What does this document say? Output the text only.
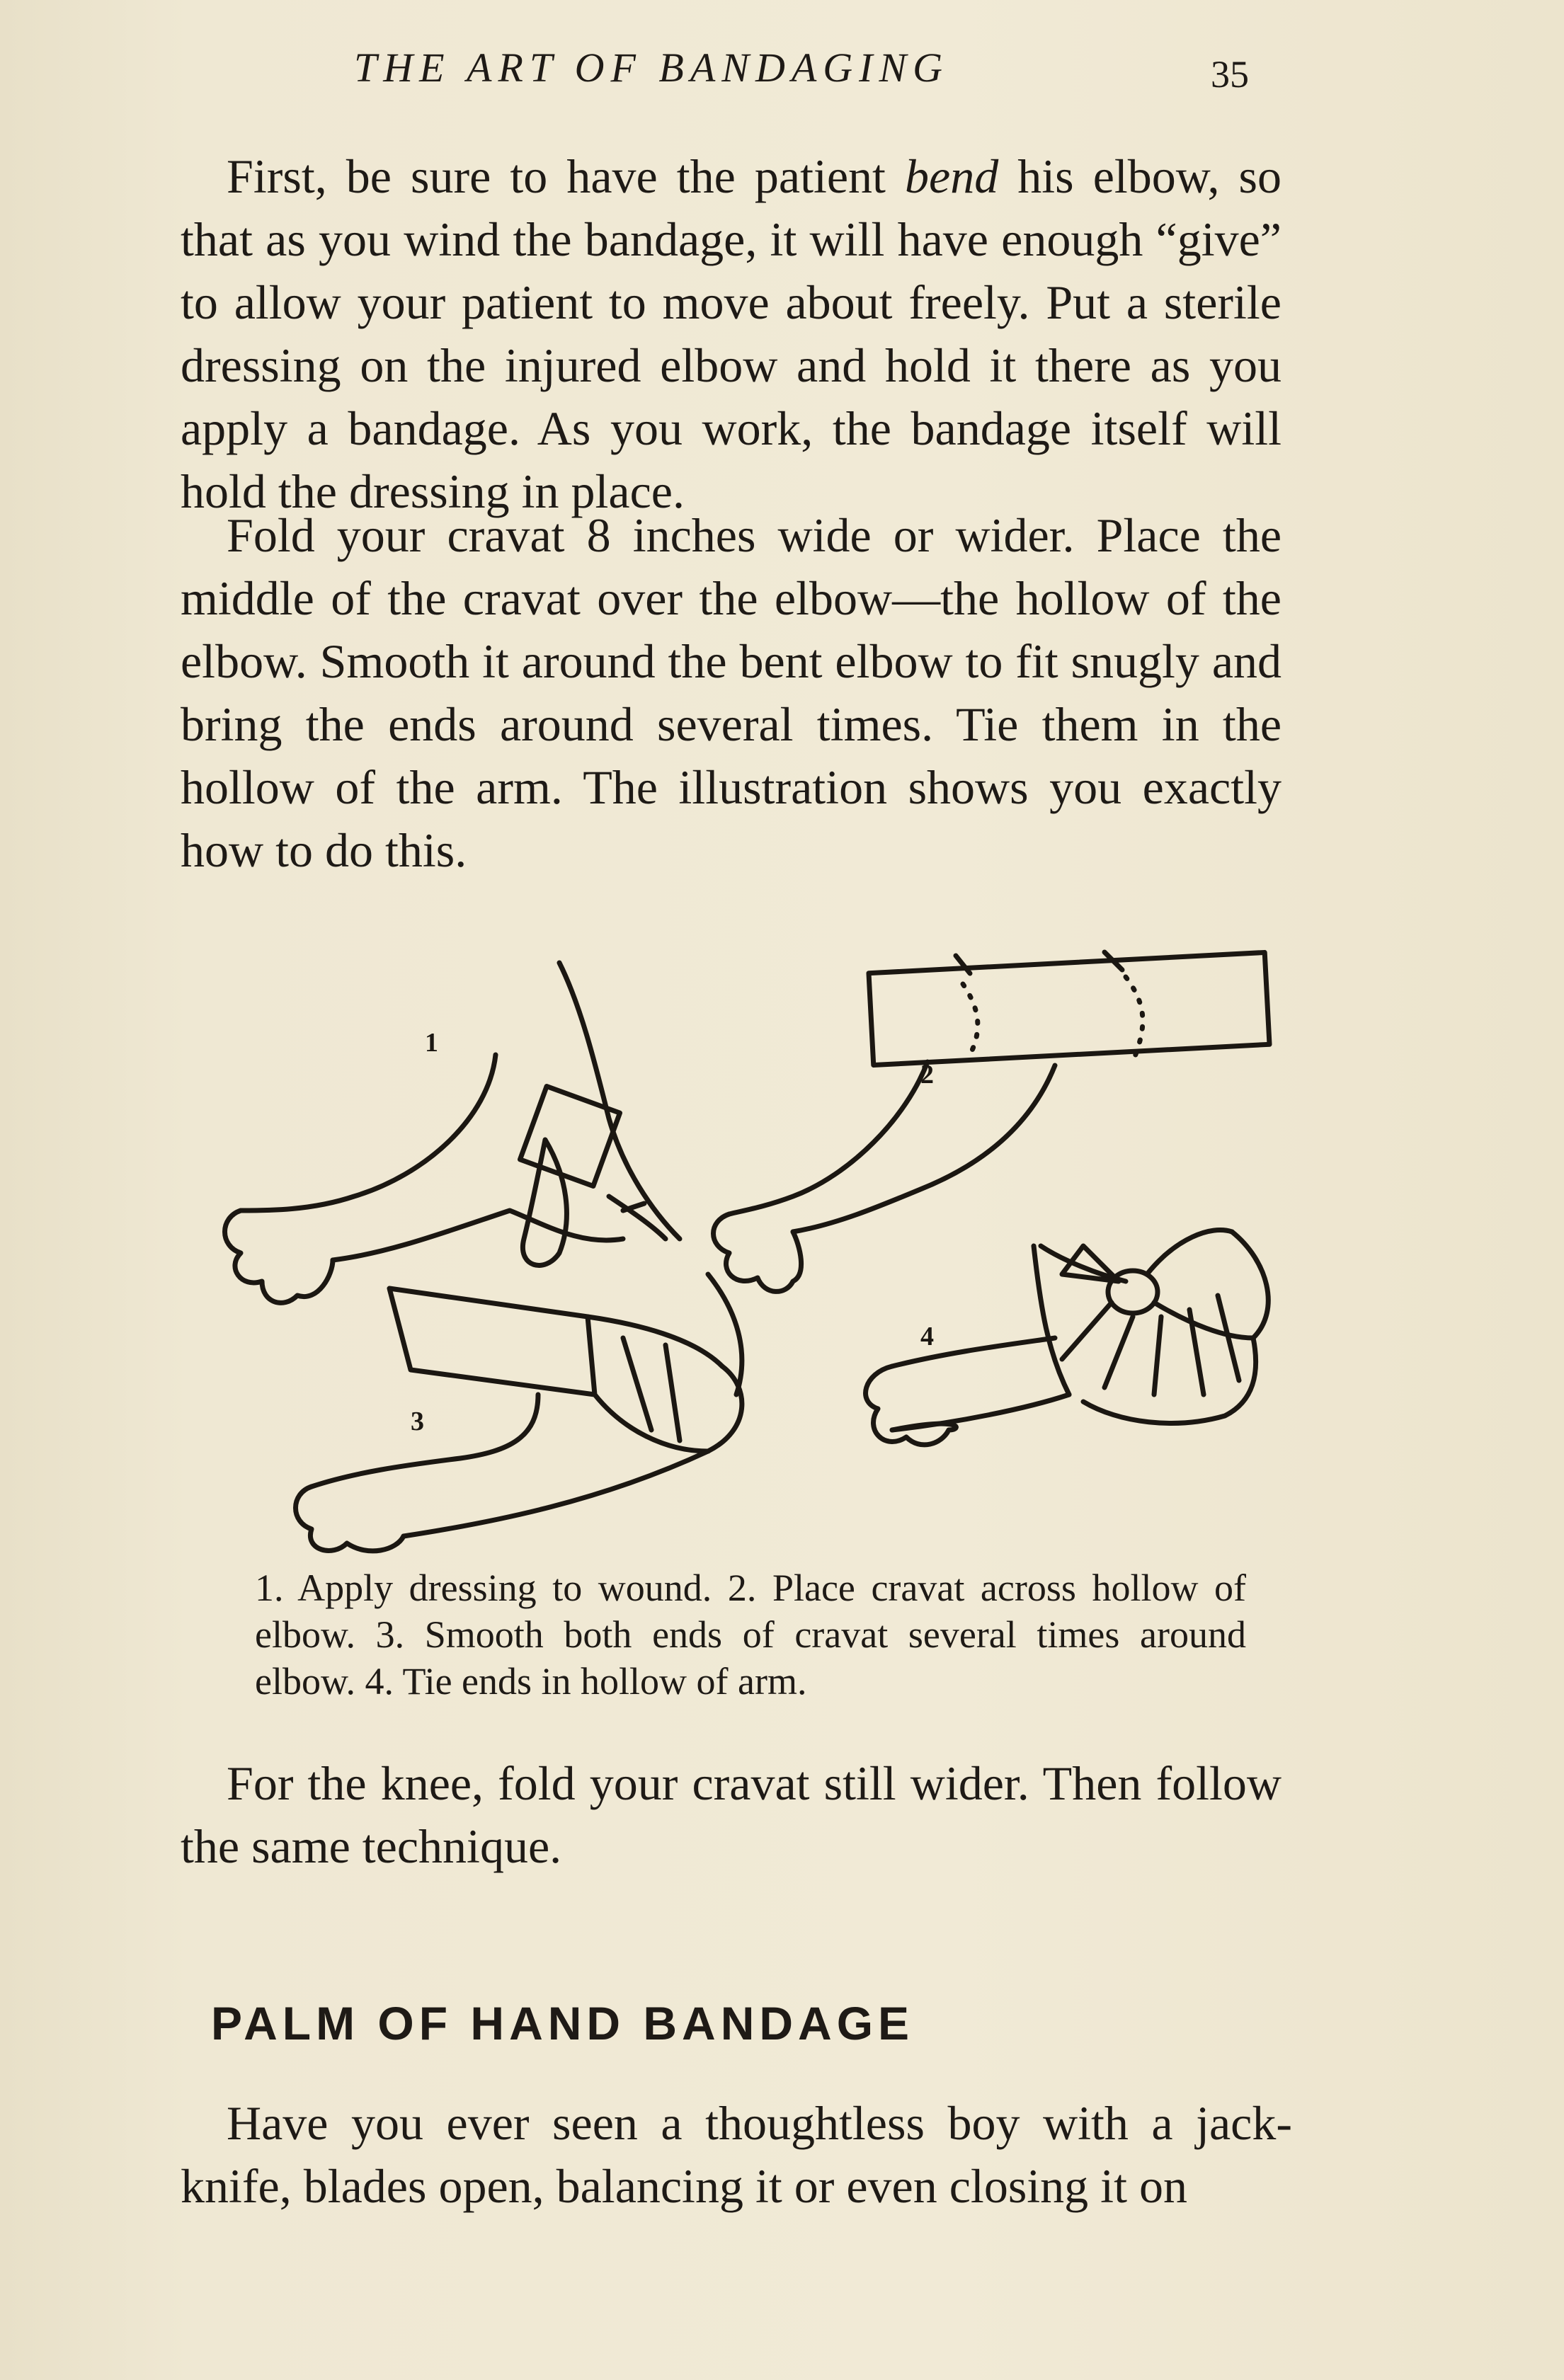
THE ART OF BANDAGING	35

First, be sure to have the patient bend his elbow, so that as you wind the bandage, it will have enough “give” to allow your patient to move about freely. Put a sterile dressing on the injured elbow and hold it there as you apply a bandage. As you work, the bandage itself will hold the dressing in place.

Fold your cravat 8 inches wide or wider. Place the middle of the cravat over the elbow—the hollow of the elbow. Smooth it around the bent elbow to fit snugly and bring the ends around several times. Tie them in the hollow of the arm. The illustration shows you exactly how to do this.

1
2
3
4

1. Apply dressing to wound. 2. Place cravat across hollow of elbow. 3. Smooth both ends of cravat several times around elbow. 4. Tie ends in hollow of arm.

For the knee, fold your cravat still wider. Then follow the same technique.

PALM OF HAND BANDAGE

Have you ever seen a thoughtless boy with a jack-knife, blades open, balancing it or even closing it on
